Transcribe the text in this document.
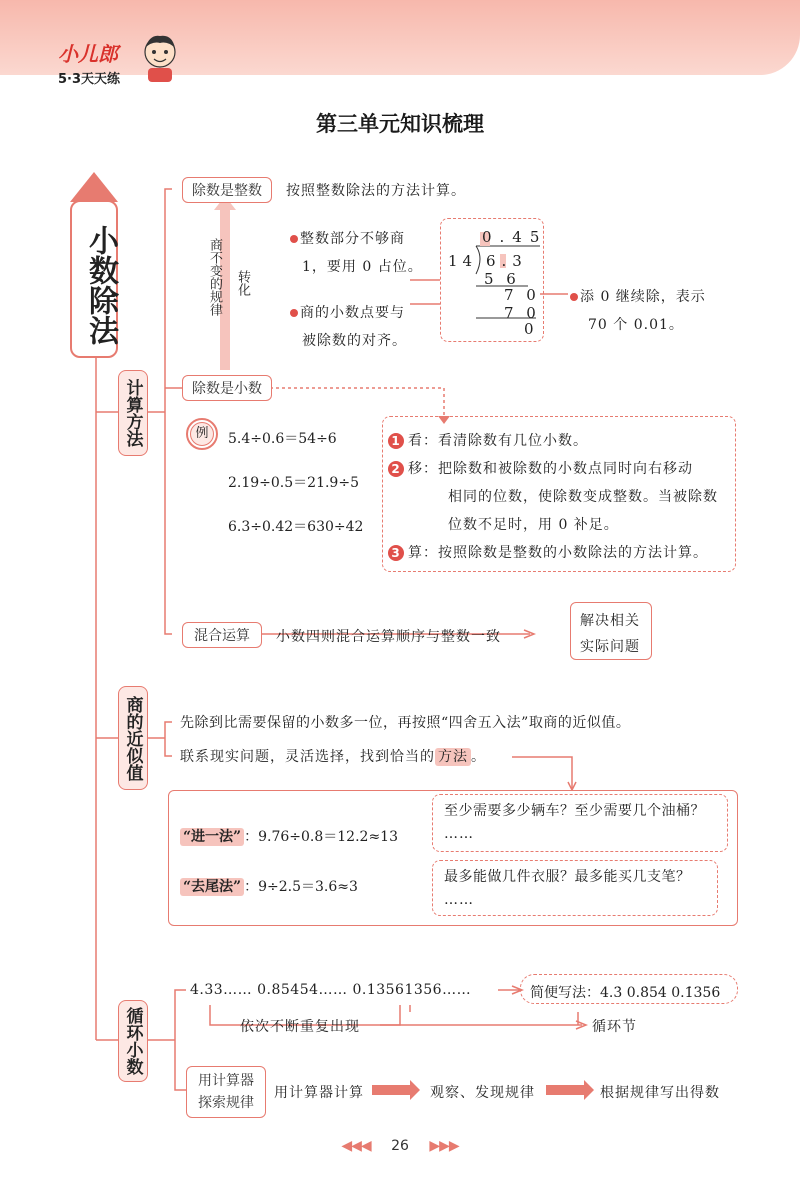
小儿郎
5·3天天练
第三单元知识梳理
小数除法
计算方法
商的近似值
循环小数
除数是整数	按照整数除法的方法计算。
商不变的规律 转化
整数部分不够商
1，要用 0 占位。
商的小数点要与
被除数的对齐。
添 0 继续除，表示
70 个 0.01。
0.45
14 6.3
5 6
7 0
7 0
0
除数是小数
例	5.4÷0.6＝54÷6
2.19÷0.5＝21.9÷5
6.3÷0.42＝630÷42
1 看：看清除数有几位小数。
2 移：把除数和被除数的小数点同时向右移动
相同的位数，使除数变成整数。当被除数
位数不足时，用 0 补足。
3 算：按照除数是整数的小数除法的方法计算。
混合运算	小数四则混合运算顺序与整数一致
解决相关
实际问题
先除到比需要保留的小数多一位，再按照“四舍五入法”取商的近似值。
联系现实问题，灵活选择，找到恰当的 方法 。
“进一法” ：9.76÷0.8＝12.2≈13
“去尾法” ：9÷2.5＝3.6≈3
至少需要多少辆车？至少需要几个油桶？
……
最多能做几件衣服？最多能买几支笔？
……
4.33…… 0.85454…… 0.13561356……	简便写法：4.3̇ 0.8̇54̇ 0.1̇35̇6̇
依次不断重复出现	循环节
用计算器
探索规律
用计算器计算	观察、发现规律	根据规律写出得数
◀◀◀ 26 ▶▶▶
